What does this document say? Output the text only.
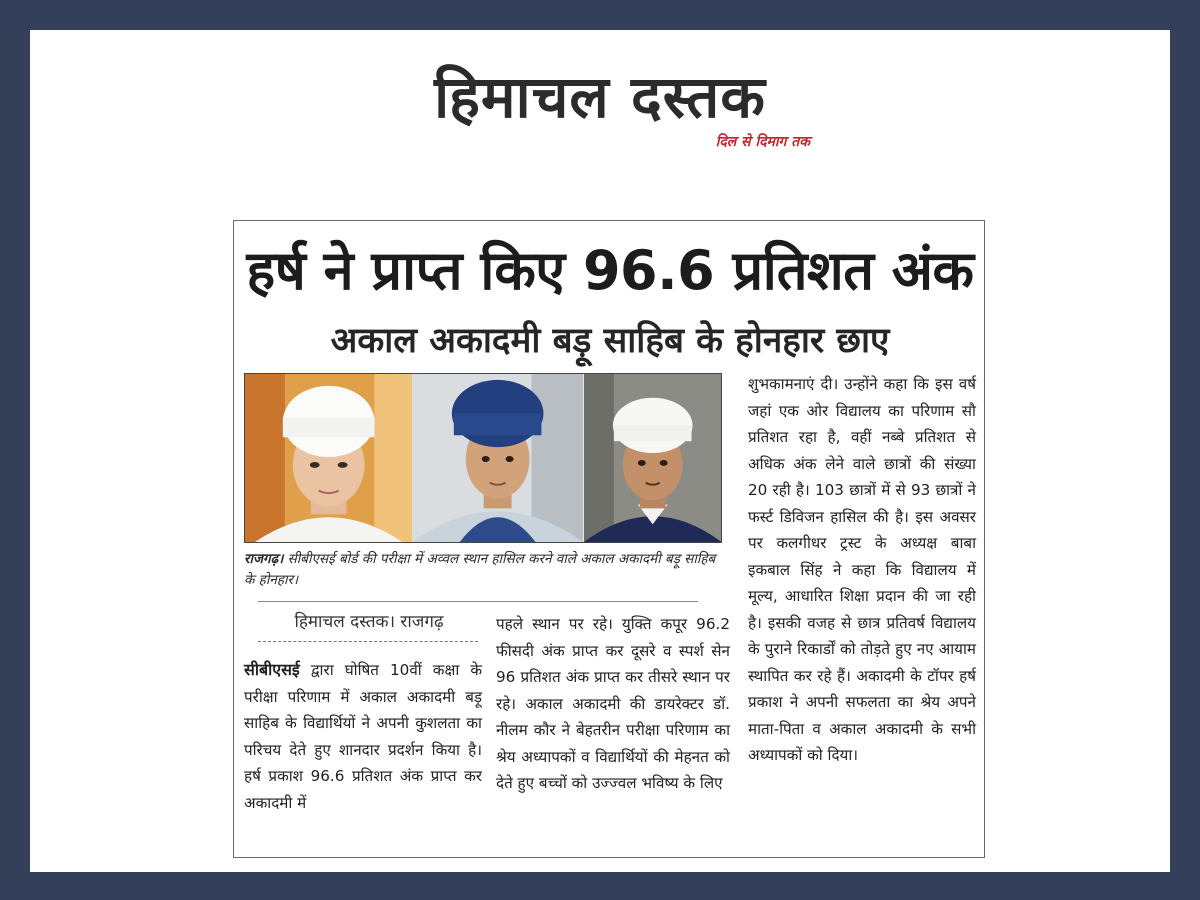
हिमाचल दस्तक
दिल से दिमाग तक
हर्ष ने प्राप्त किए 96.6 प्रतिशत अंक
अकाल अकादमी बड़ू साहिब के होनहार छाए
राजगढ़। सीबीएसई बोर्ड की परीक्षा में अव्वल स्थान हासिल करने वाले अकाल अकादमी बड़ू साहिब के होनहार।
हिमाचल दस्तक। राजगढ़
सीबीएसई द्वारा घोषित 10वीं कक्षा के परीक्षा परिणाम में अकाल अकादमी बड़ू साहिब के विद्यार्थियों ने अपनी कुशलता का परिचय देते हुए शानदार प्रदर्शन किया है। हर्ष प्रकाश 96.6 प्रतिशत अंक प्राप्त कर अकादमी में
पहले स्थान पर रहे। युक्ति कपूर 96.2 फीसदी अंक प्राप्त कर दूसरे व स्पर्श सेन 96 प्रतिशत अंक प्राप्त कर तीसरे स्थान पर रहे। अकाल अकादमी की डायरेक्टर डॉ. नीलम कौर ने बेहतरीन परीक्षा परिणाम का श्रेय अध्यापकों व विद्यार्थियों की मेहनत को देते हुए बच्चों को उज्ज्वल भविष्य के लिए
शुभकामनाएं दी। उन्होंने कहा कि इस वर्ष जहां एक ओर विद्यालय का परिणाम सौ प्रतिशत रहा है, वहीं नब्बे प्रतिशत से अधिक अंक लेने वाले छात्रों की संख्या 20 रही है। 103 छात्रों में से 93 छात्रों ने फर्स्ट डिविजन हासिल की है। इस अवसर पर कलगीधर ट्रस्ट के अध्यक्ष बाबा इकबाल सिंह ने कहा कि विद्यालय में मूल्य, आधारित शिक्षा प्रदान की जा रही है। इसकी वजह से छात्र प्रतिवर्ष विद्यालय के पुराने रिकार्डों को तोड़ते हुए नए आयाम स्थापित कर रहे हैं। अकादमी के टॉपर हर्ष प्रकाश ने अपनी सफलता का श्रेय अपने माता-पिता व अकाल अकादमी के सभी अध्यापकों को दिया।
